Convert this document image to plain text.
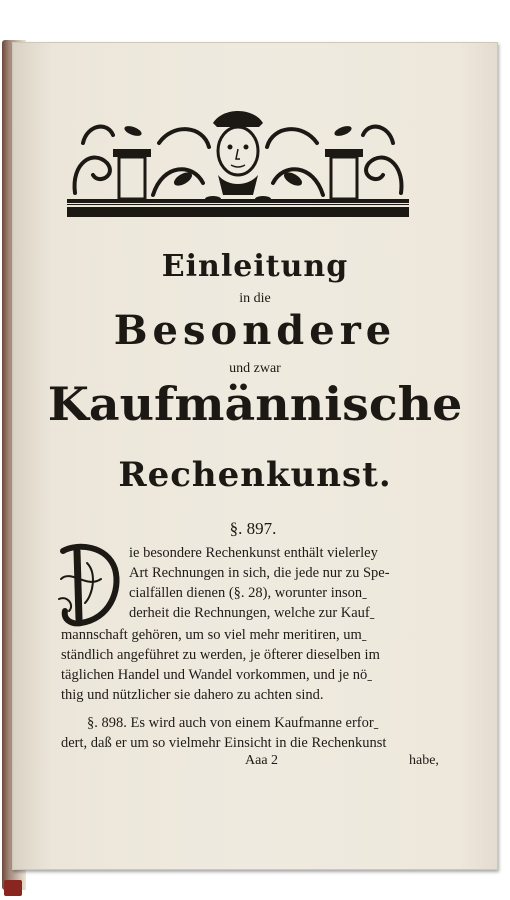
Einleitung
in die
Besondere
und zwar
Kaufmännische
Rechenkunst.
§. 897.
ie besondere Rechenkunst enthält vielerley
Art Rechnungen in sich, die jede nur zu Spe-
cialfällen dienen (§. 28), worunter insonˍ
derheit die Rechnungen, welche zur Kaufˍ
mannschaft gehören, um so viel mehr meritiren, umˍ
ständlich angeführet zu werden, je öfterer dieselben im
täglichen Handel und Wandel vorkommen, und je nöˍ
thig und nützlicher sie dahero zu achten sind.
§. 898. Es wird auch von einem Kaufmanne erforˍ
dert, daß er um so vielmehr Einsicht in die Rechenkunst
Aaa 2	habe,
